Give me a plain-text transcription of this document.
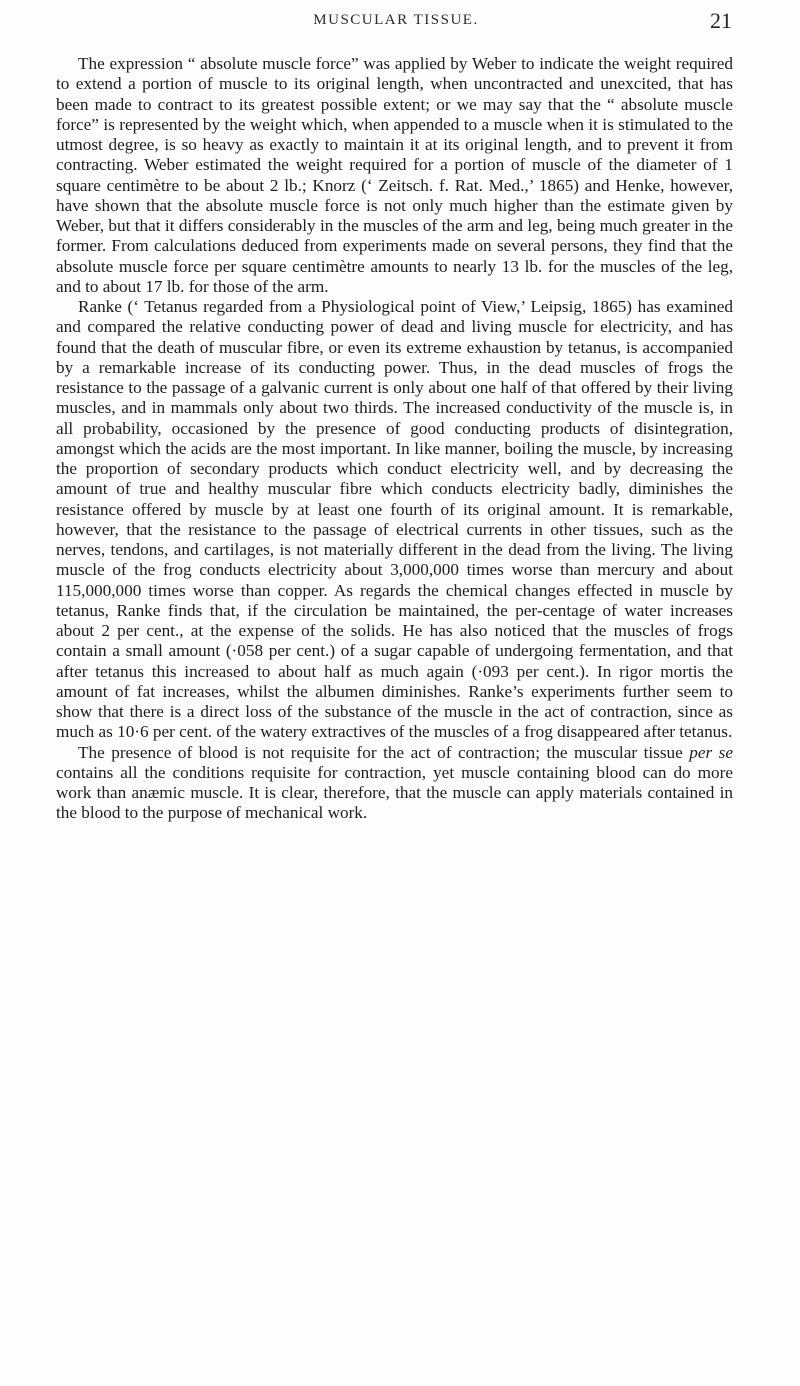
MUSCULAR TISSUE.	21

The expression “ absolute muscle force” was applied by Weber to indicate the weight required to extend a portion of muscle to its original length, when uncontracted and unexcited, that has been made to contract to its greatest possible extent; or we may say that the “ absolute muscle force” is represented by the weight which, when appended to a muscle when it is stimulated to the utmost degree, is so heavy as exactly to maintain it at its original length, and to prevent it from contracting. Weber estimated the weight required for a portion of muscle of the diameter of 1 square centimètre to be about 2 lb.; Knorz (‘ Zeitsch. f. Rat. Med.,’ 1865) and Henke, however, have shown that the absolute muscle force is not only much higher than the estimate given by Weber, but that it differs considerably in the muscles of the arm and leg, being much greater in the former. From calculations deduced from experiments made on several persons, they find that the absolute muscle force per square centimètre amounts to nearly 13 lb. for the muscles of the leg, and to about 17 lb. for those of the arm.

Ranke (‘ Tetanus regarded from a Physiological point of View,’ Leipsig, 1865) has examined and compared the relative conducting power of dead and living muscle for electricity, and has found that the death of muscular fibre, or even its extreme exhaustion by tetanus, is accompanied by a remarkable increase of its conducting power. Thus, in the dead muscles of frogs the resistance to the passage of a galvanic current is only about one half of that offered by their living muscles, and in mammals only about two thirds. The increased conductivity of the muscle is, in all probability, occasioned by the presence of good conducting products of disintegration, amongst which the acids are the most important. In like manner, boiling the muscle, by increasing the proportion of secondary products which conduct electricity well, and by decreasing the amount of true and healthy muscular fibre which conducts electricity badly, diminishes the resistance offered by muscle by at least one fourth of its original amount. It is remarkable, however, that the resistance to the passage of electrical currents in other tissues, such as the nerves, tendons, and cartilages, is not materially different in the dead from the living. The living muscle of the frog conducts electricity about 3,000,000 times worse than mercury and about 115,000,000 times worse than copper. As regards the chemical changes effected in muscle by tetanus, Ranke finds that, if the circulation be maintained, the per-centage of water increases about 2 per cent., at the expense of the solids. He has also noticed that the muscles of frogs contain a small amount (·058 per cent.) of a sugar capable of undergoing fermentation, and that after tetanus this increased to about half as much again (·093 per cent.). In rigor mortis the amount of fat increases, whilst the albumen diminishes. Ranke’s experiments further seem to show that there is a direct loss of the substance of the muscle in the act of contraction, since as much as 10·6 per cent. of the watery extractives of the muscles of a frog disappeared after tetanus.

The presence of blood is not requisite for the act of contraction; the muscular tissue per se contains all the conditions requisite for contraction, yet muscle containing blood can do more work than anæmic muscle. It is clear, therefore, that the muscle can apply materials contained in the blood to the purpose of mechanical work.
